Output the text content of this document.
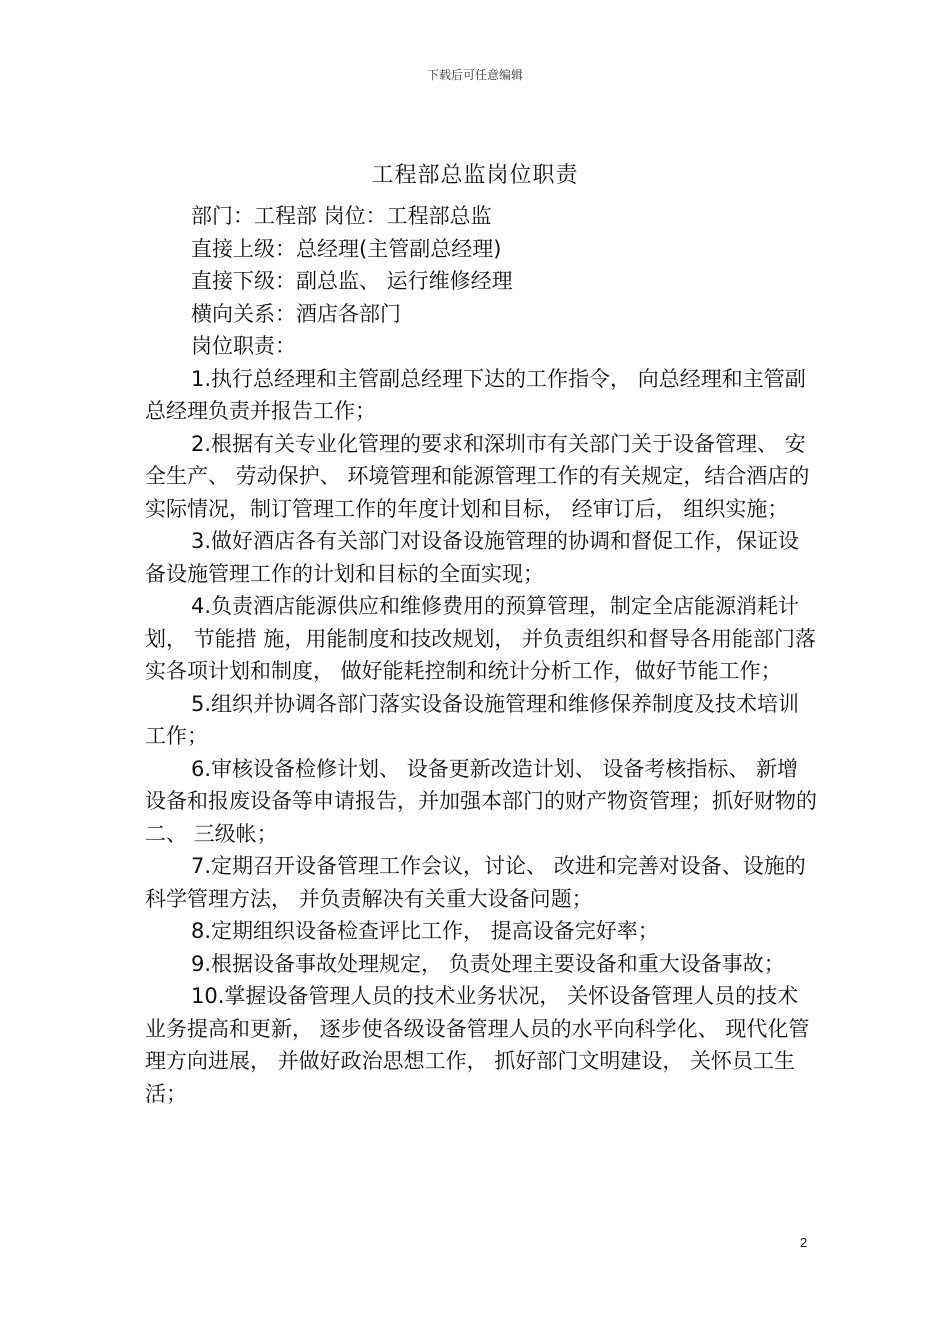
下载后可任意编辑
工程部总监岗位职责
部门：工程部 岗位：工程部总监
直接上级：总经理(主管副总经理)
直接下级：副总监、 运行维修经理
横向关系：酒店各部门
岗位职责：

1.执行总经理和主管副总经理下达的工作指令， 向总经理和主管副总经理负责并报告工作；

2.根据有关专业化管理的要求和深圳市有关部门关于设备管理、 安全生产、 劳动保护、 环境管理和能源管理工作的有关规定，结合酒店的实际情况，制订管理工作的年度计划和目标， 经审订后， 组织实施；

3.做好酒店各有关部门对设备设施管理的协调和督促工作，保证设备设施管理工作的计划和目标的全面实现；

4.负责酒店能源供应和维修费用的预算管理，制定全店能源消耗计划， 节能措 施，用能制度和技改规划， 并负责组织和督导各用能部门落实各项计划和制度， 做好能耗控制和统计分析工作，做好节能工作；

5.组织并协调各部门落实设备设施管理和维修保养制度及技术培训工作；

6.审核设备检修计划、 设备更新改造计划、 设备考核指标、 新增设备和报废设备等申请报告，并加强本部门的财产物资管理；抓好财物的二、 三级帐；

7.定期召开设备管理工作会议，讨论、 改进和完善对设备、设施的科学管理方法， 并负责解决有关重大设备问题；

8.定期组织设备检查评比工作， 提高设备完好率；

9.根据设备事故处理规定， 负责处理主要设备和重大设备事故；

10.掌握设备管理人员的技术业务状况， 关怀设备管理人员的技术业务提高和更新， 逐步使各级设备管理人员的水平向科学化、 现代化管理方向进展， 并做好政治思想工作， 抓好部门文明建设， 关怀员工生活；

2
